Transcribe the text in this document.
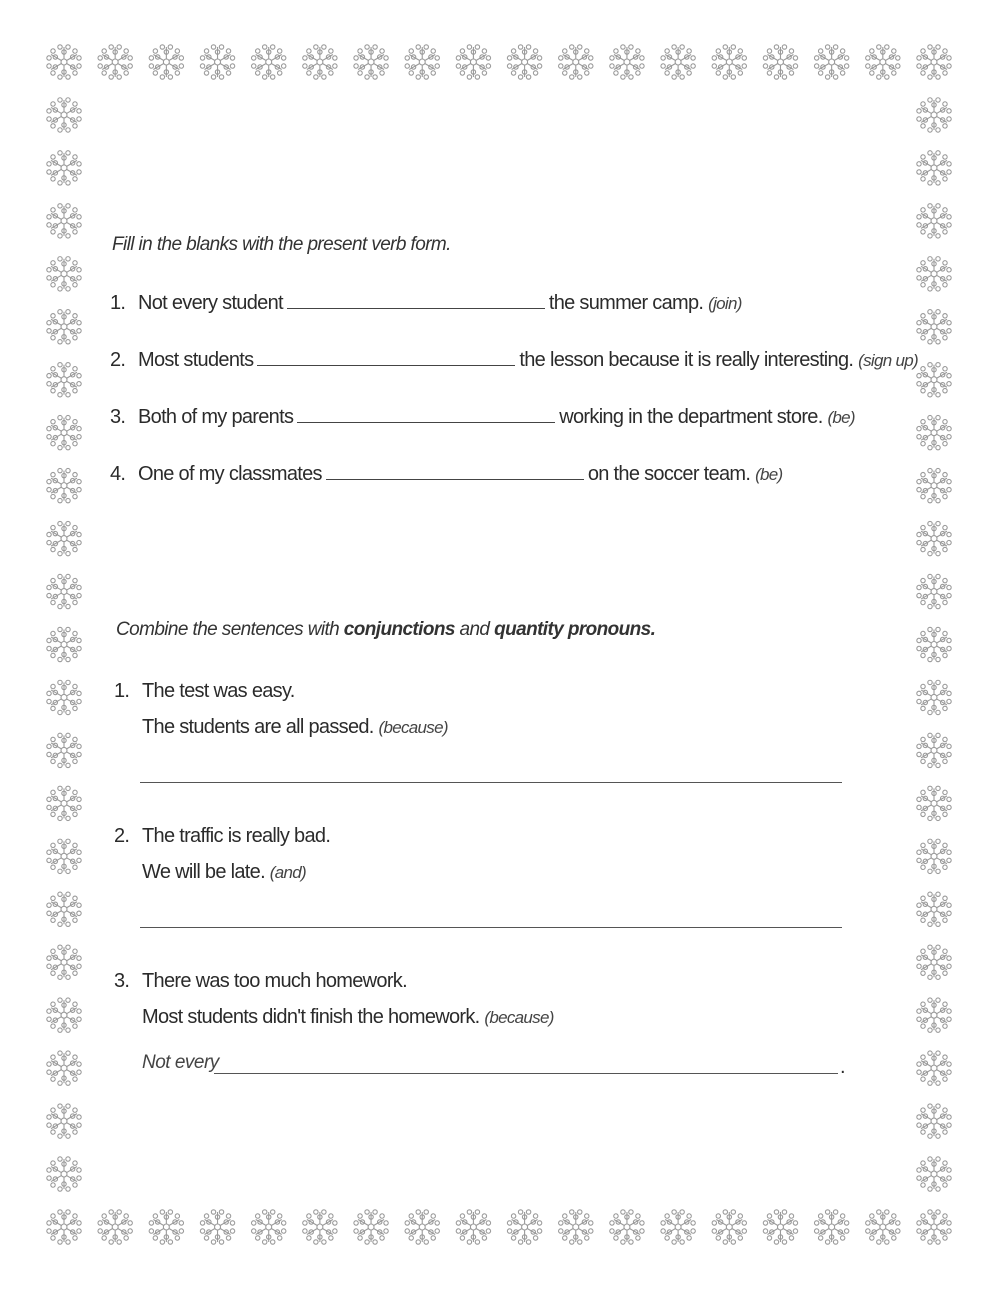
Fill in the blanks with the present verb form.
1. Not every student	the summer camp. (join)
2. Most students	the lesson because it is really interesting. (sign up)
3. Both of my parents	working in the department store. (be)
4. One of my classmates	on the soccer team. (be)
Combine the sentences with conjunctions and quantity pronouns.
1. The test was easy.
The students are all passed. (because)
2. The traffic is really bad.
We will be late. (and)
3. There was too much homework.
Most students didn't finish the homework. (because)
Not every	.
